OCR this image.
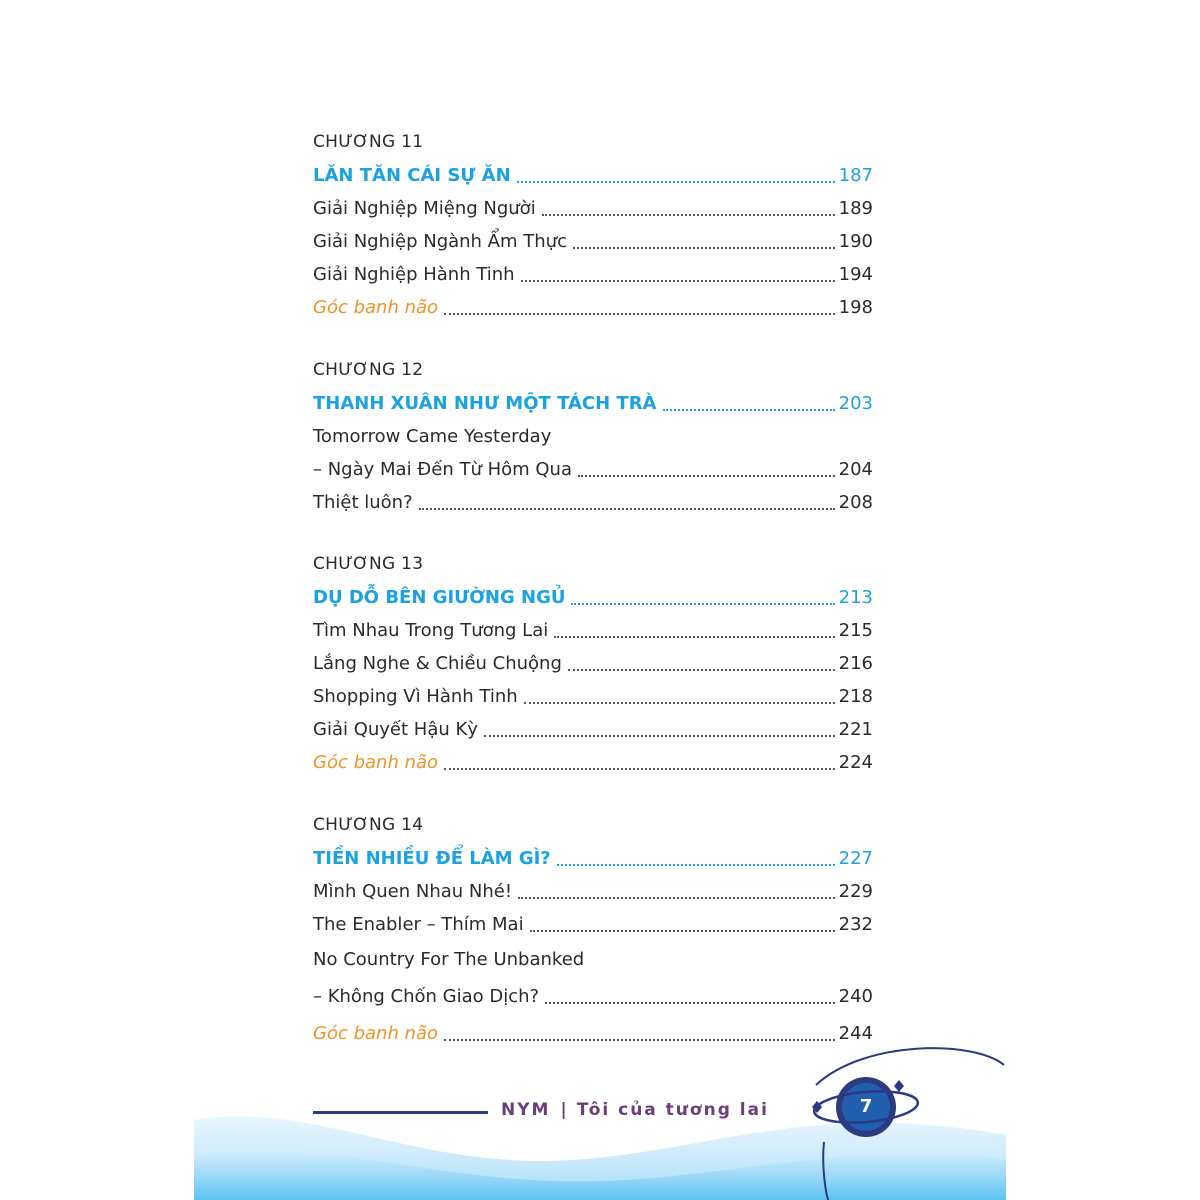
CHƯƠNG 11
LĂN TĂN CÁI SỰ ĂN	187
Giải Nghiệp Miệng Người	189
Giải Nghiệp Ngành Ẩm Thực	190
Giải Nghiệp Hành Tinh	194
Góc banh não	198
CHƯƠNG 12
THANH XUÂN NHƯ MỘT TÁCH TRÀ	203
Tomorrow Came Yesterday
– Ngày Mai Đến Từ Hôm Qua	204
Thiệt luôn?	208
CHƯƠNG 13
DỤ DỖ BÊN GIƯỜNG NGỦ	213
Tìm Nhau Trong Tương Lai	215
Lắng Nghe & Chiều Chuộng	216
Shopping Vì Hành Tinh	218
Giải Quyết Hậu Kỳ	221
Góc banh não	224
CHƯƠNG 14
TIỀN NHIỀU ĐỂ LÀM GÌ?	227
Mình Quen Nhau Nhé!	229
The Enabler – Thím Mai	232
No Country For The Unbanked
– Không Chốn Giao Dịch?	240
Góc banh não	244
NYM | Tôi của tương lai	7
